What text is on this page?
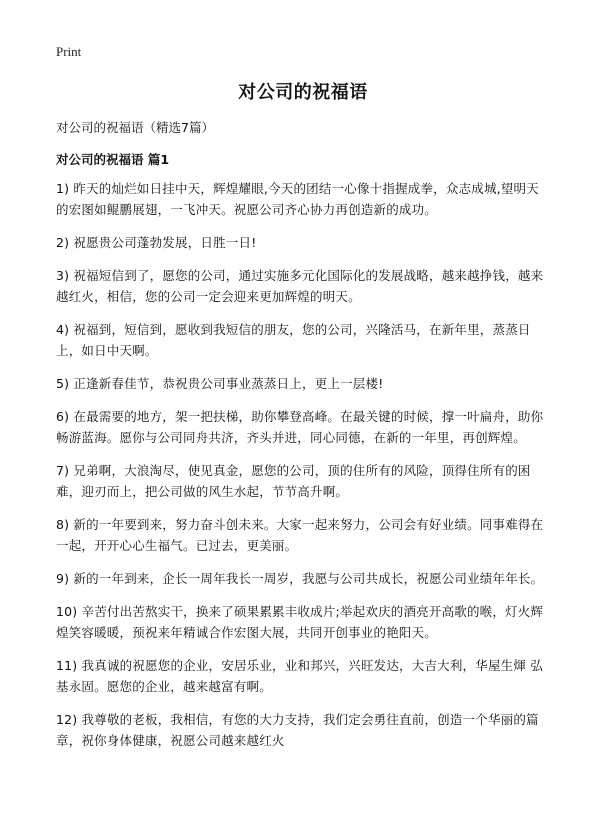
Print
对公司的祝福语
对公司的祝福语（精选7篇）
对公司的祝福语 篇1
1) 昨天的灿烂如日挂中天，辉煌耀眼,今天的团结一心像十指握成拳，众志成城,望明天的宏图如鲲鹏展翅，一飞冲天。祝愿公司齐心协力再创造新的成功。
2) 祝愿贵公司蓬勃发展，日胜一日!
3) 祝福短信到了，愿您的公司，通过实施多元化国际化的发展战略，越来越挣钱，越来越红火，相信，您的公司一定会迎来更加辉煌的明天。
4) 祝福到，短信到，愿收到我短信的朋友，您的公司，兴隆活马，在新年里，蒸蒸日上，如日中天啊。
5) 正逢新春佳节，恭祝贵公司事业蒸蒸日上，更上一层楼!
6) 在最需要的地方，架一把扶梯，助你攀登高峰。在最关键的时候，撑一叶扁舟，助你畅游蓝海。愿你与公司同舟共济，齐头并进，同心同德，在新的一年里，再创辉煌。
7) 兄弟啊，大浪淘尽，使见真金，愿您的公司，顶的住所有的风险，顶得住所有的困难，迎刃而上，把公司做的风生水起，节节高升啊。
8) 新的一年要到来，努力奋斗创未来。大家一起来努力，公司会有好业绩。同事难得在一起，开开心心生福气。已过去，更美丽。
9) 新的一年到来，企长一周年我长一周岁，我愿与公司共成长，祝愿公司业绩年年长。
10) 辛苦付出苦熬实干，换来了硕果累累丰收成片;举起欢庆的酒亮开高歌的喉，灯火辉煌笑容暖暖，预祝来年精诚合作宏图大展，共同开创事业的艳阳天。
11) 我真诚的祝愿您的企业，安居乐业，业和邦兴，兴旺发达，大吉大利，华屋生煇 弘基永固。愿您的企业，越来越富有啊。
12) 我尊敬的老板，我相信，有您的大力支持，我们定会勇往直前，创造一个华丽的篇章，祝你身体健康，祝愿公司越来越红火
